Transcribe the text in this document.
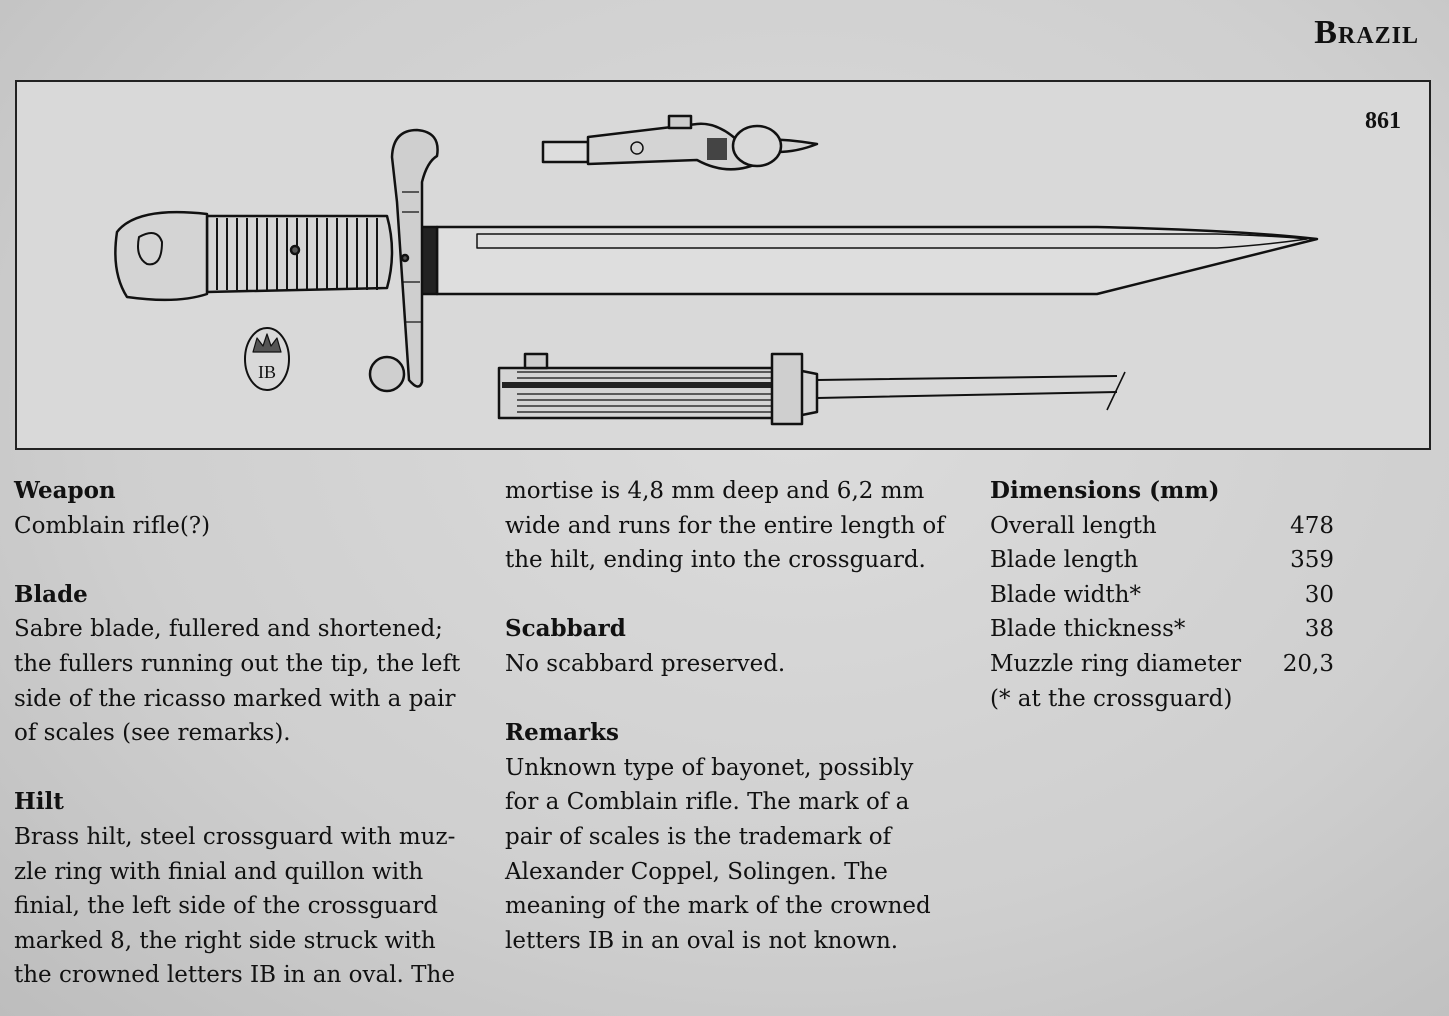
Brazil
861
IB

Weapon

Comblain rifle(?)

Blade

Sabre blade, fullered and shortened;

the fullers running out the tip, the left

side of the ricasso marked with a pair

of scales (see remarks).

Hilt

Brass hilt, steel crossguard with muz-

zle ring with finial and quillon with

finial, the left side of the crossguard

marked 8, the right side struck with

the crowned letters IB in an oval. The

mortise is 4,8 mm deep and 6,2 mm

wide and runs for the entire length of

the hilt, ending into the crossguard.

Scabbard

No scabbard preserved.

Remarks

Unknown type of bayonet, possibly

for a Comblain rifle. The mark of a

pair of scales is the trademark of

Alexander Coppel, Solingen. The

meaning of the mark of the crowned

letters IB in an oval is not known.

Dimensions (mm)

Overall length	478
Blade length	359
Blade width*	30
Blade thickness*	38
Muzzle ring diameter 20,3

(* at the crossguard)
